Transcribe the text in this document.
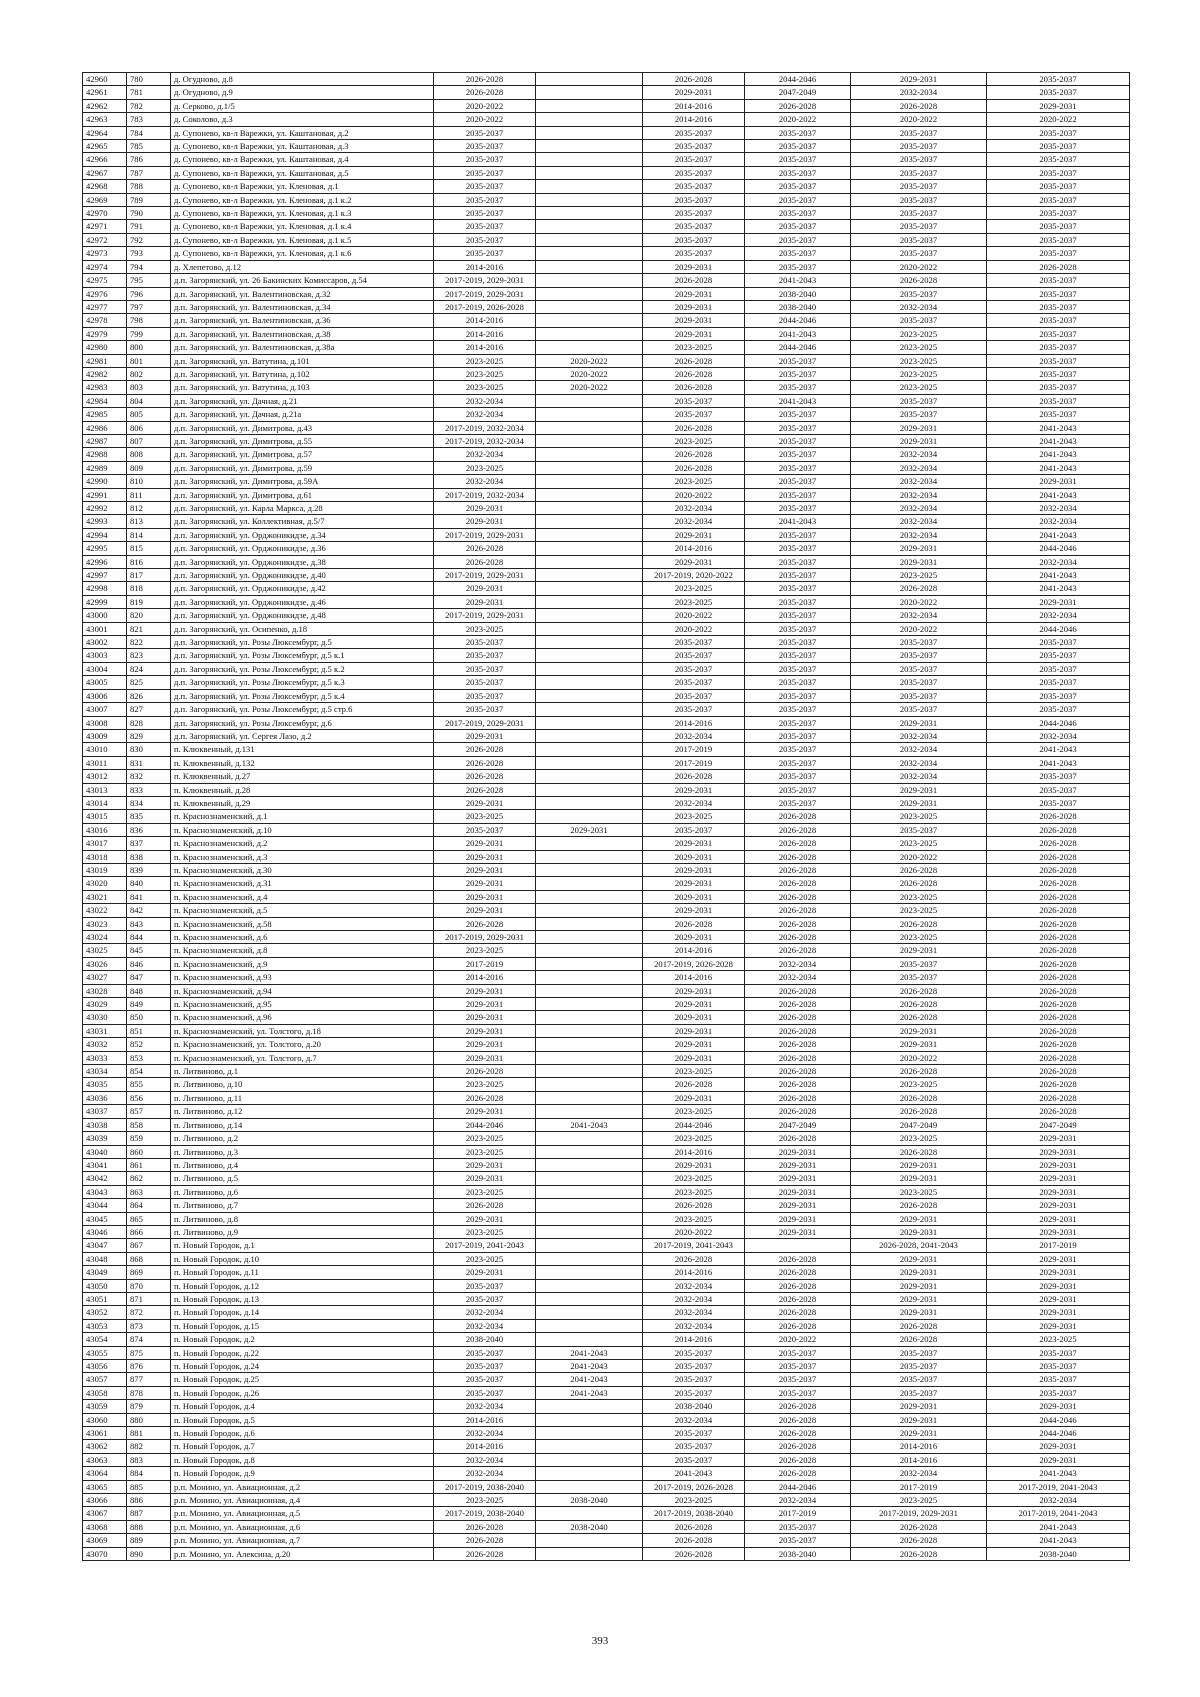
42960	780	д. Огудново, д.8	2026-2028		2026-2028	2044-2046	2029-2031	2035-2037
42961	781	д. Огудново, д.9	2026-2028		2029-2031	2047-2049	2032-2034	2035-2037
42962	782	д. Серково, д.1/5	2020-2022		2014-2016	2026-2028	2026-2028	2029-2031
42963	783	д. Соколово, д.3	2020-2022		2014-2016	2020-2022	2020-2022	2020-2022
42964	784	д. Супонево, кв-л Варежки, ул. Каштановая, д.2	2035-2037		2035-2037	2035-2037	2035-2037	2035-2037
42965	785	д. Супонево, кв-л Варежки, ул. Каштановая, д.3	2035-2037		2035-2037	2035-2037	2035-2037	2035-2037
42966	786	д. Супонево, кв-л Варежки, ул. Каштановая, д.4	2035-2037		2035-2037	2035-2037	2035-2037	2035-2037
42967	787	д. Супонево, кв-л Варежки, ул. Каштановая, д.5	2035-2037		2035-2037	2035-2037	2035-2037	2035-2037
42968	788	д. Супонево, кв-л Варежки, ул. Кленовая, д.1	2035-2037		2035-2037	2035-2037	2035-2037	2035-2037
42969	789	д. Супонево, кв-л Варежки, ул. Кленовая, д.1 к.2	2035-2037		2035-2037	2035-2037	2035-2037	2035-2037
42970	790	д. Супонево, кв-л Варежки, ул. Кленовая, д.1 к.3	2035-2037		2035-2037	2035-2037	2035-2037	2035-2037
42971	791	д. Супонево, кв-л Варежки, ул. Кленовая, д.1 к.4	2035-2037		2035-2037	2035-2037	2035-2037	2035-2037
42972	792	д. Супонево, кв-л Варежки, ул. Кленовая, д.1 к.5	2035-2037		2035-2037	2035-2037	2035-2037	2035-2037
42973	793	д. Супонево, кв-л Варежки, ул. Кленовая, д.1 к.6	2035-2037		2035-2037	2035-2037	2035-2037	2035-2037
42974	794	д. Хлепетово, д.12	2014-2016		2029-2031	2035-2037	2020-2022	2026-2028
42975	795	д.п. Загорянский, ул. 26 Бакинских Комиссаров, д.54	2017-2019, 2029-2031		2026-2028	2041-2043	2026-2028	2035-2037
42976	796	д.п. Загорянский, ул. Валентиновская, д.32	2017-2019, 2029-2031		2029-2031	2038-2040	2035-2037	2035-2037
42977	797	д.п. Загорянский, ул. Валентиновская, д.34	2017-2019, 2026-2028		2029-2031	2038-2040	2032-2034	2035-2037
42978	798	д.п. Загорянский, ул. Валентиновская, д.36	2014-2016		2029-2031	2044-2046	2035-2037	2035-2037
42979	799	д.п. Загорянский, ул. Валентиновская, д.38	2014-2016		2029-2031	2041-2043	2023-2025	2035-2037
42980	800	д.п. Загорянский, ул. Валентиновская, д.38а	2014-2016		2023-2025	2044-2046	2023-2025	2035-2037
42981	801	д.п. Загорянский, ул. Ватутина, д.101	2023-2025	2020-2022	2026-2028	2035-2037	2023-2025	2035-2037
42982	802	д.п. Загорянский, ул. Ватутина, д.102	2023-2025	2020-2022	2026-2028	2035-2037	2023-2025	2035-2037
42983	803	д.п. Загорянский, ул. Ватутина, д.103	2023-2025	2020-2022	2026-2028	2035-2037	2023-2025	2035-2037
42984	804	д.п. Загорянский, ул. Дачная, д.21	2032-2034		2035-2037	2041-2043	2035-2037	2035-2037
42985	805	д.п. Загорянский, ул. Дачная, д.21а	2032-2034		2035-2037	2035-2037	2035-2037	2035-2037
42986	806	д.п. Загорянский, ул. Димитрова, д.43	2017-2019, 2032-2034		2026-2028	2035-2037	2029-2031	2041-2043
42987	807	д.п. Загорянский, ул. Димитрова, д.55	2017-2019, 2032-2034		2023-2025	2035-2037	2029-2031	2041-2043
42988	808	д.п. Загорянский, ул. Димитрова, д.57	2032-2034		2026-2028	2035-2037	2032-2034	2041-2043
42989	809	д.п. Загорянский, ул. Димитрова, д.59	2023-2025		2026-2028	2035-2037	2032-2034	2041-2043
42990	810	д.п. Загорянский, ул. Димитрова, д.59А	2032-2034		2023-2025	2035-2037	2032-2034	2029-2031
42991	811	д.п. Загорянский, ул. Димитрова, д.61	2017-2019, 2032-2034		2020-2022	2035-2037	2032-2034	2041-2043
42992	812	д.п. Загорянский, ул. Карла Маркса, д.28	2029-2031		2032-2034	2035-2037	2032-2034	2032-2034
42993	813	д.п. Загорянский, ул. Коллективная, д.5/7	2029-2031		2032-2034	2041-2043	2032-2034	2032-2034
42994	814	д.п. Загорянский, ул. Орджоникидзе, д.34	2017-2019, 2029-2031		2029-2031	2035-2037	2032-2034	2041-2043
42995	815	д.п. Загорянский, ул. Орджоникидзе, д.36	2026-2028		2014-2016	2035-2037	2029-2031	2044-2046
42996	816	д.п. Загорянский, ул. Орджоникидзе, д.38	2026-2028		2029-2031	2035-2037	2029-2031	2032-2034
42997	817	д.п. Загорянский, ул. Орджоникидзе, д.40	2017-2019, 2029-2031		2017-2019, 2020-2022	2035-2037	2023-2025	2041-2043
42998	818	д.п. Загорянский, ул. Орджоникидзе, д.42	2029-2031		2023-2025	2035-2037	2026-2028	2041-2043
42999	819	д.п. Загорянский, ул. Орджоникидзе, д.46	2029-2031		2023-2025	2035-2037	2020-2022	2029-2031
43000	820	д.п. Загорянский, ул. Орджоникидзе, д.48	2017-2019, 2029-2031		2020-2022	2035-2037	2032-2034	2032-2034
43001	821	д.п. Загорянский, ул. Осипенко, д.18	2023-2025		2020-2022	2035-2037	2020-2022	2044-2046
43002	822	д.п. Загорянский, ул. Розы Люксембург, д.5	2035-2037		2035-2037	2035-2037	2035-2037	2035-2037
43003	823	д.п. Загорянский, ул. Розы Люксембург, д.5 к.1	2035-2037		2035-2037	2035-2037	2035-2037	2035-2037
43004	824	д.п. Загорянский, ул. Розы Люксембург, д.5 к.2	2035-2037		2035-2037	2035-2037	2035-2037	2035-2037
43005	825	д.п. Загорянский, ул. Розы Люксембург, д.5 к.3	2035-2037		2035-2037	2035-2037	2035-2037	2035-2037
43006	826	д.п. Загорянский, ул. Розы Люксембург, д.5 к.4	2035-2037		2035-2037	2035-2037	2035-2037	2035-2037
43007	827	д.п. Загорянский, ул. Розы Люксембург, д.5 стр.6	2035-2037		2035-2037	2035-2037	2035-2037	2035-2037
43008	828	д.п. Загорянский, ул. Розы Люксембург, д.6	2017-2019, 2029-2031		2014-2016	2035-2037	2029-2031	2044-2046
43009	829	д.п. Загорянский, ул. Сергея Лазо, д.2	2029-2031		2032-2034	2035-2037	2032-2034	2032-2034
43010	830	п. Клюквенный, д.131	2026-2028		2017-2019	2035-2037	2032-2034	2041-2043
43011	831	п. Клюквенный, д.132	2026-2028		2017-2019	2035-2037	2032-2034	2041-2043
43012	832	п. Клюквенный, д.27	2026-2028		2026-2028	2035-2037	2032-2034	2035-2037
43013	833	п. Клюквенный, д.28	2026-2028		2029-2031	2035-2037	2029-2031	2035-2037
43014	834	п. Клюквенный, д.29	2029-2031		2032-2034	2035-2037	2029-2031	2035-2037
43015	835	п. Краснознаменский, д.1	2023-2025		2023-2025	2026-2028	2023-2025	2026-2028
43016	836	п. Краснознаменский, д.10	2035-2037	2029-2031	2035-2037	2026-2028	2035-2037	2026-2028
43017	837	п. Краснознаменский, д.2	2029-2031		2029-2031	2026-2028	2023-2025	2026-2028
43018	838	п. Краснознаменский, д.3	2029-2031		2029-2031	2026-2028	2020-2022	2026-2028
43019	839	п. Краснознаменский, д.30	2029-2031		2029-2031	2026-2028	2026-2028	2026-2028
43020	840	п. Краснознаменский, д.31	2029-2031		2029-2031	2026-2028	2026-2028	2026-2028
43021	841	п. Краснознаменский, д.4	2029-2031		2029-2031	2026-2028	2023-2025	2026-2028
43022	842	п. Краснознаменский, д.5	2029-2031		2029-2031	2026-2028	2023-2025	2026-2028
43023	843	п. Краснознаменский, д.58	2026-2028		2026-2028	2026-2028	2026-2028	2026-2028
43024	844	п. Краснознаменский, д.6	2017-2019, 2029-2031		2029-2031	2026-2028	2023-2025	2026-2028
43025	845	п. Краснознаменский, д.8	2023-2025		2014-2016	2026-2028	2029-2031	2026-2028
43026	846	п. Краснознаменский, д.9	2017-2019		2017-2019, 2026-2028	2032-2034	2035-2037	2026-2028
43027	847	п. Краснознаменский, д.93	2014-2016		2014-2016	2032-2034	2035-2037	2026-2028
43028	848	п. Краснознаменский, д.94	2029-2031		2029-2031	2026-2028	2026-2028	2026-2028
43029	849	п. Краснознаменский, д.95	2029-2031		2029-2031	2026-2028	2026-2028	2026-2028
43030	850	п. Краснознаменский, д.96	2029-2031		2029-2031	2026-2028	2026-2028	2026-2028
43031	851	п. Краснознаменский, ул. Толстого, д.18	2029-2031		2029-2031	2026-2028	2029-2031	2026-2028
43032	852	п. Краснознаменский, ул. Толстого, д.20	2029-2031		2029-2031	2026-2028	2029-2031	2026-2028
43033	853	п. Краснознаменский, ул. Толстого, д.7	2029-2031		2029-2031	2026-2028	2020-2022	2026-2028
43034	854	п. Литвиново, д.1	2026-2028		2023-2025	2026-2028	2026-2028	2026-2028
43035	855	п. Литвиново, д.10	2023-2025		2026-2028	2026-2028	2023-2025	2026-2028
43036	856	п. Литвиново, д.11	2026-2028		2029-2031	2026-2028	2026-2028	2026-2028
43037	857	п. Литвиново, д.12	2029-2031		2023-2025	2026-2028	2026-2028	2026-2028
43038	858	п. Литвиново, д.14	2044-2046	2041-2043	2044-2046	2047-2049	2047-2049	2047-2049
43039	859	п. Литвиново, д.2	2023-2025		2023-2025	2026-2028	2023-2025	2029-2031
43040	860	п. Литвиново, д.3	2023-2025		2014-2016	2029-2031	2026-2028	2029-2031
43041	861	п. Литвиново, д.4	2029-2031		2029-2031	2029-2031	2029-2031	2029-2031
43042	862	п. Литвиново, д.5	2029-2031		2023-2025	2029-2031	2029-2031	2029-2031
43043	863	п. Литвиново, д.6	2023-2025		2023-2025	2029-2031	2023-2025	2029-2031
43044	864	п. Литвиново, д.7	2026-2028		2026-2028	2029-2031	2026-2028	2029-2031
43045	865	п. Литвиново, д.8	2029-2031		2023-2025	2029-2031	2029-2031	2029-2031
43046	866	п. Литвиново, д.9	2023-2025		2020-2022	2029-2031	2029-2031	2029-2031
43047	867	п. Новый Городок, д.1	2017-2019, 2041-2043		2017-2019, 2041-2043		2026-2028, 2041-2043	2017-2019
43048	868	п. Новый Городок, д.10	2023-2025		2026-2028	2026-2028	2029-2031	2029-2031
43049	869	п. Новый Городок, д.11	2029-2031		2014-2016	2026-2028	2029-2031	2029-2031
43050	870	п. Новый Городок, д.12	2035-2037		2032-2034	2026-2028	2029-2031	2029-2031
43051	871	п. Новый Городок, д.13	2035-2037		2032-2034	2026-2028	2029-2031	2029-2031
43052	872	п. Новый Городок, д.14	2032-2034		2032-2034	2026-2028	2029-2031	2029-2031
43053	873	п. Новый Городок, д.15	2032-2034		2032-2034	2026-2028	2026-2028	2029-2031
43054	874	п. Новый Городок, д.2	2038-2040		2014-2016	2020-2022	2026-2028	2023-2025
43055	875	п. Новый Городок, д.22	2035-2037	2041-2043	2035-2037	2035-2037	2035-2037	2035-2037
43056	876	п. Новый Городок, д.24	2035-2037	2041-2043	2035-2037	2035-2037	2035-2037	2035-2037
43057	877	п. Новый Городок, д.25	2035-2037	2041-2043	2035-2037	2035-2037	2035-2037	2035-2037
43058	878	п. Новый Городок, д.26	2035-2037	2041-2043	2035-2037	2035-2037	2035-2037	2035-2037
43059	879	п. Новый Городок, д.4	2032-2034		2038-2040	2026-2028	2029-2031	2029-2031
43060	880	п. Новый Городок, д.5	2014-2016		2032-2034	2026-2028	2029-2031	2044-2046
43061	881	п. Новый Городок, д.6	2032-2034		2035-2037	2026-2028	2029-2031	2044-2046
43062	882	п. Новый Городок, д.7	2014-2016		2035-2037	2026-2028	2014-2016	2029-2031
43063	883	п. Новый Городок, д.8	2032-2034		2035-2037	2026-2028	2014-2016	2029-2031
43064	884	п. Новый Городок, д.9	2032-2034		2041-2043	2026-2028	2032-2034	2041-2043
43065	885	р.п. Монино, ул. Авиационная, д.2	2017-2019, 2038-2040		2017-2019, 2026-2028	2044-2046	2017-2019	2017-2019, 2041-2043
43066	886	р.п. Монино, ул. Авиационная, д.4	2023-2025	2038-2040	2023-2025	2032-2034	2023-2025	2032-2034
43067	887	р.п. Монино, ул. Авиационная, д.5	2017-2019, 2038-2040		2017-2019, 2038-2040	2017-2019	2017-2019, 2029-2031	2017-2019, 2041-2043
43068	888	р.п. Монино, ул. Авиационная, д.6	2026-2028	2038-2040	2026-2028	2035-2037	2026-2028	2041-2043
43069	889	р.п. Монино, ул. Авиационная, д.7	2026-2028		2026-2028	2035-2037	2026-2028	2041-2043
43070	890	р.п. Монино, ул. Алексина, д.20	2026-2028		2026-2028	2038-2040	2026-2028	2038-2040
393
